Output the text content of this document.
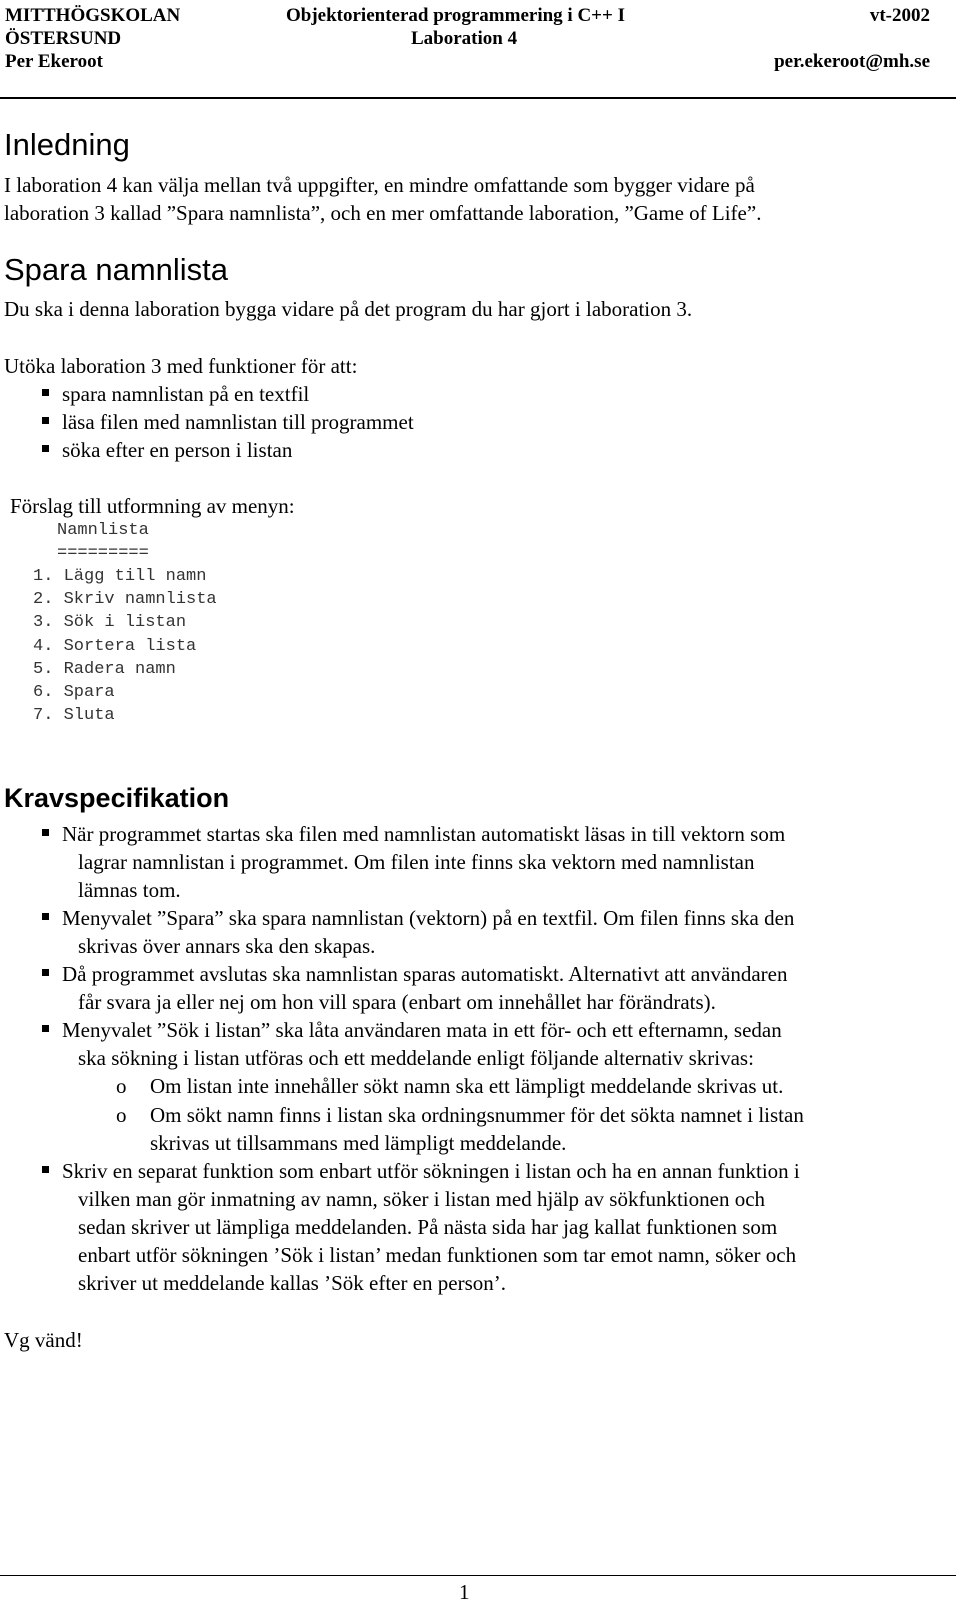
MITTHÖGSKOLAN
ÖSTERSUND
Per Ekeroot
Objektorienterad programmering i C++ I
Laboration 4
vt-2002
per.ekeroot@mh.se
Inledning
I laboration 4 kan välja mellan två uppgifter, en mindre omfattande som bygger vidare på
laboration 3 kallad ”Spara namnlista”, och en mer omfattande laboration, ”Game of Life”.
Spara namnlista
Du ska i denna laboration bygga vidare på det program du har gjort i laboration 3.
Utöka laboration 3 med funktioner för att:
spara namnlistan på en textfil
läsa filen med namnlistan till programmet
söka efter en person i listan
Förslag till utformning av menyn:
Namnlista
=========
1. Lägg till namn
2. Skriv namnlista
3. Sök i listan
4. Sortera lista
5. Radera namn
6. Spara
7. Sluta
Kravspecifikation
När programmet startas ska filen med namnlistan automatiskt läsas in till vektorn som
lagrar namnlistan i programmet. Om filen inte finns ska vektorn med namnlistan
lämnas tom.
Menyvalet ”Spara” ska spara namnlistan (vektorn) på en textfil. Om filen finns ska den
skrivas över annars ska den skapas.
Då programmet avslutas ska namnlistan sparas automatiskt. Alternativt att användaren
får svara ja eller nej om hon vill spara (enbart om innehållet har förändrats).
Menyvalet ”Sök i listan” ska låta användaren mata in ett för- och ett efternamn, sedan
ska sökning i listan utföras och ett meddelande enligt följande alternativ skrivas:
o Om listan inte innehåller sökt namn ska ett lämpligt meddelande skrivas ut.
o Om sökt namn finns i listan ska ordningsnummer för det sökta namnet i listan
skrivas ut tillsammans med lämpligt meddelande.
Skriv en separat funktion som enbart utför sökningen i listan och ha en annan funktion i
vilken man gör inmatning av namn, söker i listan med hjälp av sökfunktionen och
sedan skriver ut lämpliga meddelanden. På nästa sida har jag kallat funktionen som
enbart utför sökningen ’Sök i listan’ medan funktionen som tar emot namn, söker och
skriver ut meddelande kallas ’Sök efter en person’.
Vg vänd!
1
